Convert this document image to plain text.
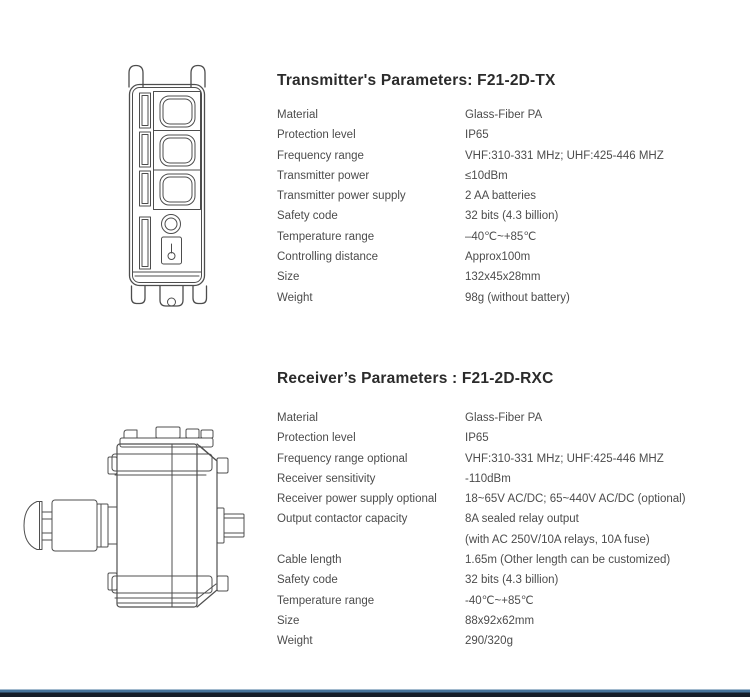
Transmitter's Parameters: F21-2D-TX
Material	Glass-Fiber PA
Protection level	IP65
Frequency range	VHF:310-331 MHz; UHF:425-446 MHZ
Transmitter power	≤10dBm
Transmitter power supply	2 AA batteries
Safety code	32 bits (4.3 billion)
Temperature range	–40℃~+85℃
Controlling distance	Approx100m
Size	132x45x28mm
Weight	98g (without battery)
Receiver’s Parameters : F21-2D-RXC
Material	Glass-Fiber PA
Protection level	IP65
Frequency range optional	VHF:310-331 MHz; UHF:425-446 MHZ
Receiver sensitivity	-110dBm
Receiver power supply optional	18~65V AC/DC; 65~440V AC/DC (optional)
Output contactor capacity	8A sealed relay output
(with AC 250V/10A relays, 10A fuse)
Cable length	1.65m (Other length can be customized)
Safety code	32 bits (4.3 billion)
Temperature range	-40℃~+85℃
Size	88x92x62mm
Weight	290/320g
